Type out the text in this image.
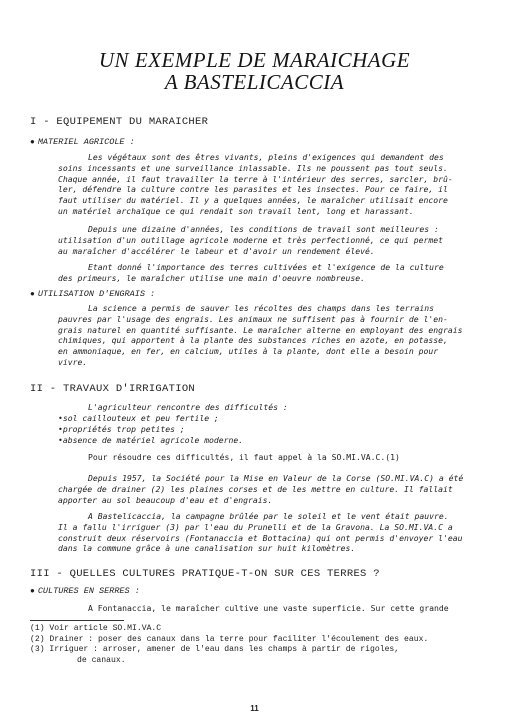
UN EXEMPLE DE MARAICHAGE
A BASTELICACCIA
I - EQUIPEMENT DU MARAICHER
● MATERIEL AGRICOLE :
Les végétaux sont des êtres vivants, pleins d'exigences qui demandent des
soins incessants et une surveillance inlassable. Ils ne poussent pas tout seuls.
Chaque année, il faut travailler la terre à l'intérieur des serres, sarcler, brû-
ler, défendre la culture contre les parasites et les insectes. Pour ce faire, il
faut utiliser du matériel. Il y a quelques années, le maraîcher utilisait encore
un matériel archaïque ce qui rendait son travail lent, long et harassant.
Depuis une dizaine d'années, les conditions de travail sont meilleures :
utilisation d'un outillage agricole moderne et très perfectionné, ce qui permet
au maraîcher d'accélérer le labeur et d'avoir un rendement élevé.
Etant donné l'importance des terres cultivées et l'exigence de la culture
des primeurs, le maraîcher utilise une main d'oeuvre nombreuse.
● UTILISATION D'ENGRAIS :
La science a permis de sauver les récoltes des champs dans les terrains
pauvres par l'usage des engrais. Les animaux ne suffisent pas à fournir de l'en-
grais naturel en quantité suffisante. Le maraîcher alterne en employant des engrais
chimiques, qui apportent à la plante des substances riches en azote, en potasse,
en ammoniaque, en fer, en calcium, utiles à la plante, dont elle a besoin pour
vivre.
II - TRAVAUX D'IRRIGATION
L'agriculteur rencontre des difficultés :
•sol caillouteux et peu fertile ;
•propriétés trop petites ;
•absence de matériel agricole moderne.
Pour résoudre ces difficultés, il faut appel à la SO.MI.VA.C.(1)
Depuis 1957, la Société pour la Mise en Valeur de la Corse (SO.MI.VA.C) a été
chargée de drainer (2) les plaines corses et de les mettre en culture. Il fallait
apporter au sol beaucoup d'eau et d'engrais.
A Bastelicaccia, la campagne brûlée par le soleil et le vent était pauvre.
Il a fallu l'irriguer (3) par l'eau du Prunelli et de la Gravona. La SO.MI.VA.C a
construit deux réservoirs (Fontanaccia et Bottacina) qui ont permis d'envoyer l'eau
dans la commune grâce à une canalisation sur huit kilomètres.
III - QUELLES CULTURES PRATIQUE-T-ON SUR CES TERRES ?
● CULTURES EN SERRES :
A Fontanaccia, le maraîcher cultive une vaste superficie. Sur cette grande
(1) Voir article SO.MI.VA.C
(2) Drainer : poser des canaux dans la terre pour faciliter l'écoulement des eaux.
(3) Irriguer : arroser, amener de l'eau dans les champs à partir de rigoles,
de canaux.
11
